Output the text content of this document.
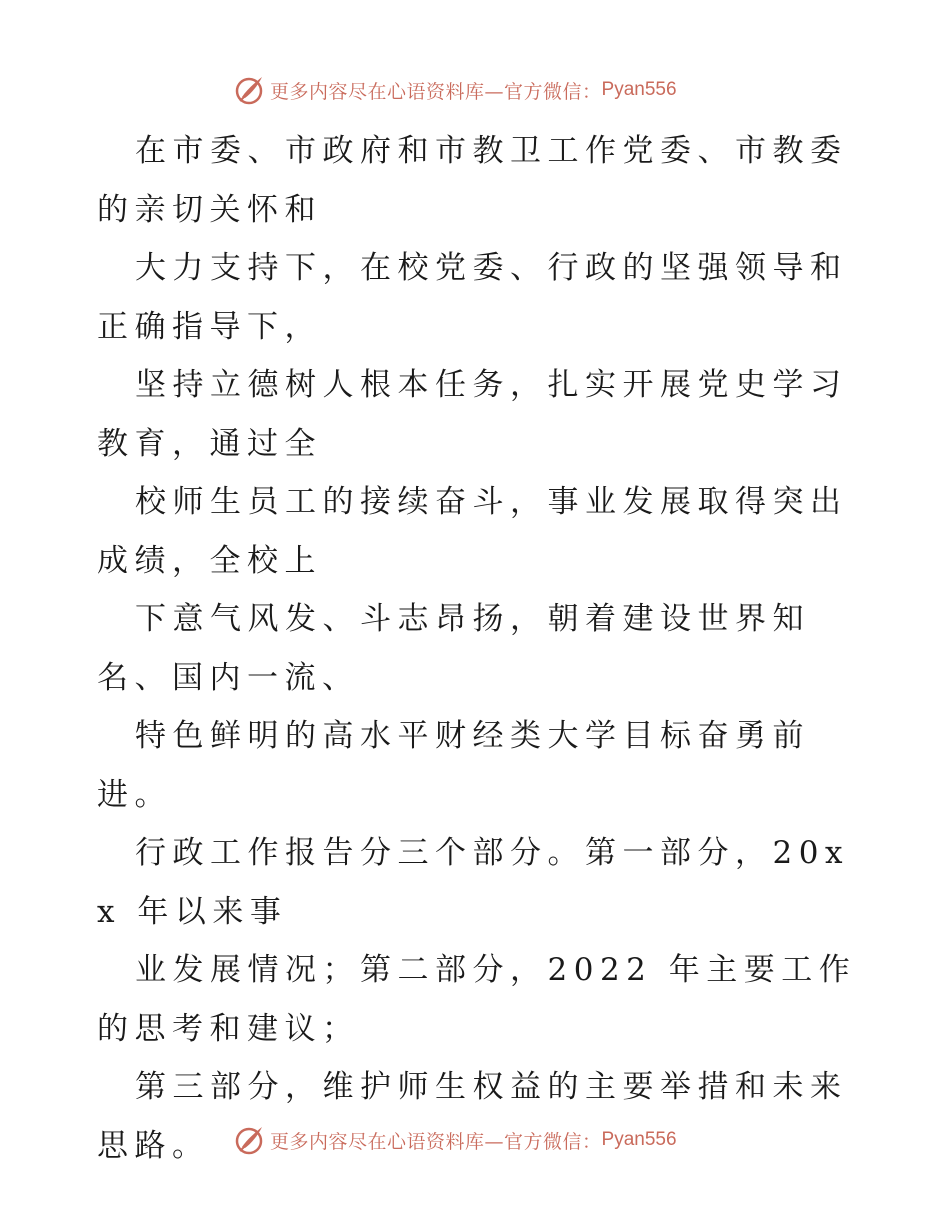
更多内容尽在心语资料库—官方微信： Pyan556

在市委、市政府和市教卫工作党委、市教委的亲切关怀和

大力支持下，在校党委、行政的坚强领导和正确指导下，

坚持立德树人根本任务，扎实开展党史学习教育，通过全

校师生员工的接续奋斗，事业发展取得突出成绩，全校上

下意气风发、斗志昂扬，朝着建设世界知名、国内一流、

特色鲜明的高水平财经类大学目标奋勇前进。

行政工作报告分三个部分。第一部分，20xx 年以来事

业发展情况；第二部分，2022 年主要工作的思考和建议；

第三部分，维护师生权益的主要举措和未来思路。	更多内容尽在心语资料库—官方微信： Pyan556
